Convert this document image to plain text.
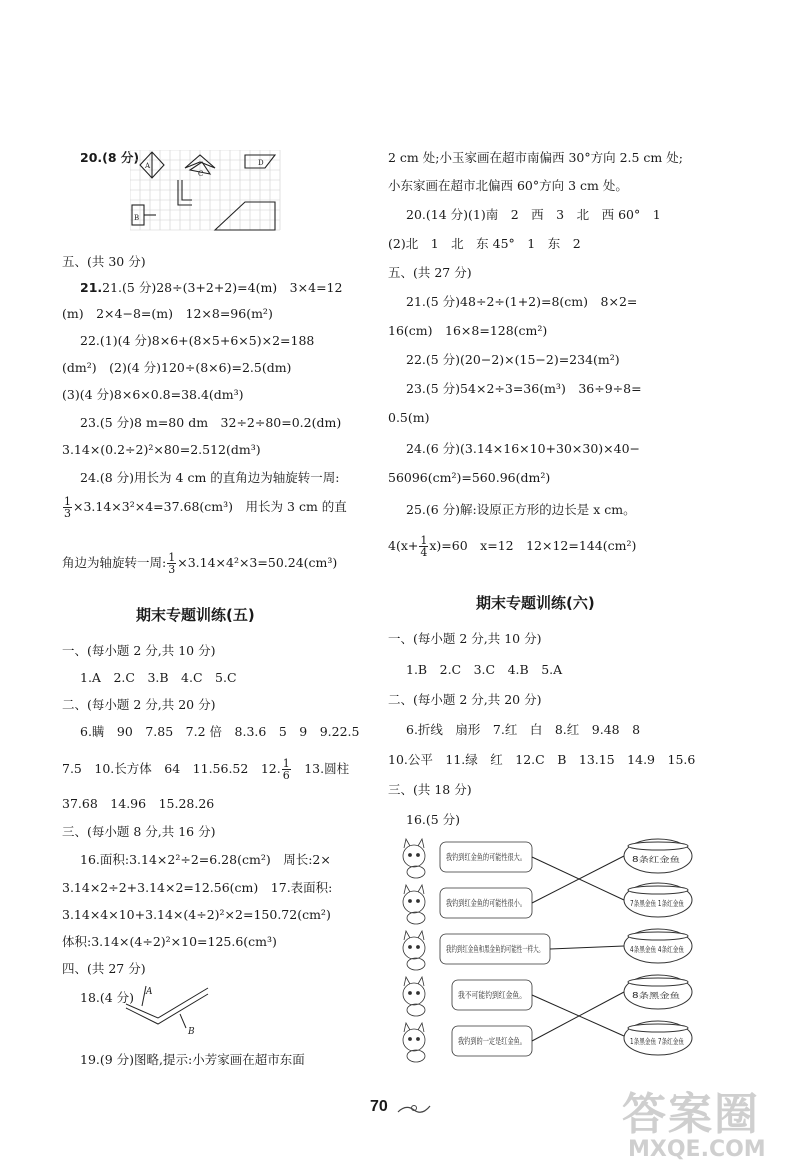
20.(8 分)
A
C
D
B
五、(共 30 分)
21.21.(5 分)28÷(3+2+2)=4(m)　3×4=12
(m)　2×4−8=(m)　12×8=96(m²)
22.(1)(4 分)8×6+(8×5+6×5)×2=188
(dm²)　(2)(4 分)120÷(8×6)=2.5(dm)
(3)(4 分)8×6×0.8=38.4(dm³)
23.(5 分)8 m=80 dm　32÷2÷80=0.2(dm)
3.14×(0.2÷2)²×80=2.512(dm³)
24.(8 分)用长为 4 cm 的直角边为轴旋转一周:
$\frac{1}{3} \times 3.14\times 3^2\times 4=37.68(cm^3)$　用长为 3 cm 的直
角边为轴旋转一周: $\frac{1}{3} \times 3.14\times 4^2\times 3=50.24(cm^3)$
期末专题训练(五)
一、(每小题 2 分,共 10 分)
1.A　2.C　3.B　4.C　5.C
二、(每小题 2 分,共 20 分)
6.瞒　90　7.85　7.2 倍　8.3.6　5　9　9.22.5
7.5　10.长方体　64　11.56.52　12. $\frac{1}{6}$
　 13.圆柱
37.68　14.96　15.28.26
三、(每小题 8 分,共 16 分)
16.面积:3.14×2²÷2=6.28(cm²)　周长:2×
3.14×2÷2+3.14×2=12.56(cm)　17.表面积:
3.14×4×10+3.14×(4÷2)²×2=150.72(cm²)
体积:3.14×(4÷2)²×10=125.6(cm³)
四、(共 27 分)
18.(4 分) A
B
19.(9 分)图略,提示:小芳家画在超市东面
2 cm 处;小玉家画在超市南偏西 30°方向 2.5 cm 处;
小东家画在超市北偏西 60°方向 3 cm 处。
20.(14 分)(1)南　2　西　3　北　西 60°　1
(2)北　1　北　东 45°　1　东　2
五、(共 27 分)
21.(5 分)48÷2÷(1+2)=8(cm)　8×2=
16(cm)　16×8=128(cm²)
22.(5 分)(20−2)×(15−2)=234(m²)
23.(5 分)54×2÷3=36(m³)　36÷9÷8=
0.5(m)
24.(6 分)(3.14×16×10+30×30)×40−
56096(cm²)=560.96(dm²)
25.(6 分)解:设原正方形的边长是 x cm。
$4(x+ \frac{1}{4} x)=60$　x=12　12×12=144(cm²)
期末专题训练(六)
一、(每小题 2 分,共 10 分)
1.B　2.C　3.C　4.B　5.A
二、(每小题 2 分,共 20 分)
6.折线　扇形　7.红　白　8.红　9.48　8
10.公平　11.绿　红　12.C　B　13.15　14.9　15.6
三、(共 18 分)
16.(5 分)
我钓到红金鱼的可能性很大。
我钓到红金鱼的可能性很小。
我钓到红金鱼和黑金鱼的可能性一样大。
我不可能钓到红金鱼。
我钓到的一定是红金鱼。
8条红金鱼
7条黑金鱼 1条红金鱼
4条黑金鱼 4条红金鱼
8条黑金鱼
1条黑金鱼 7条红金鱼
70	答案圈
MXQE.COM
